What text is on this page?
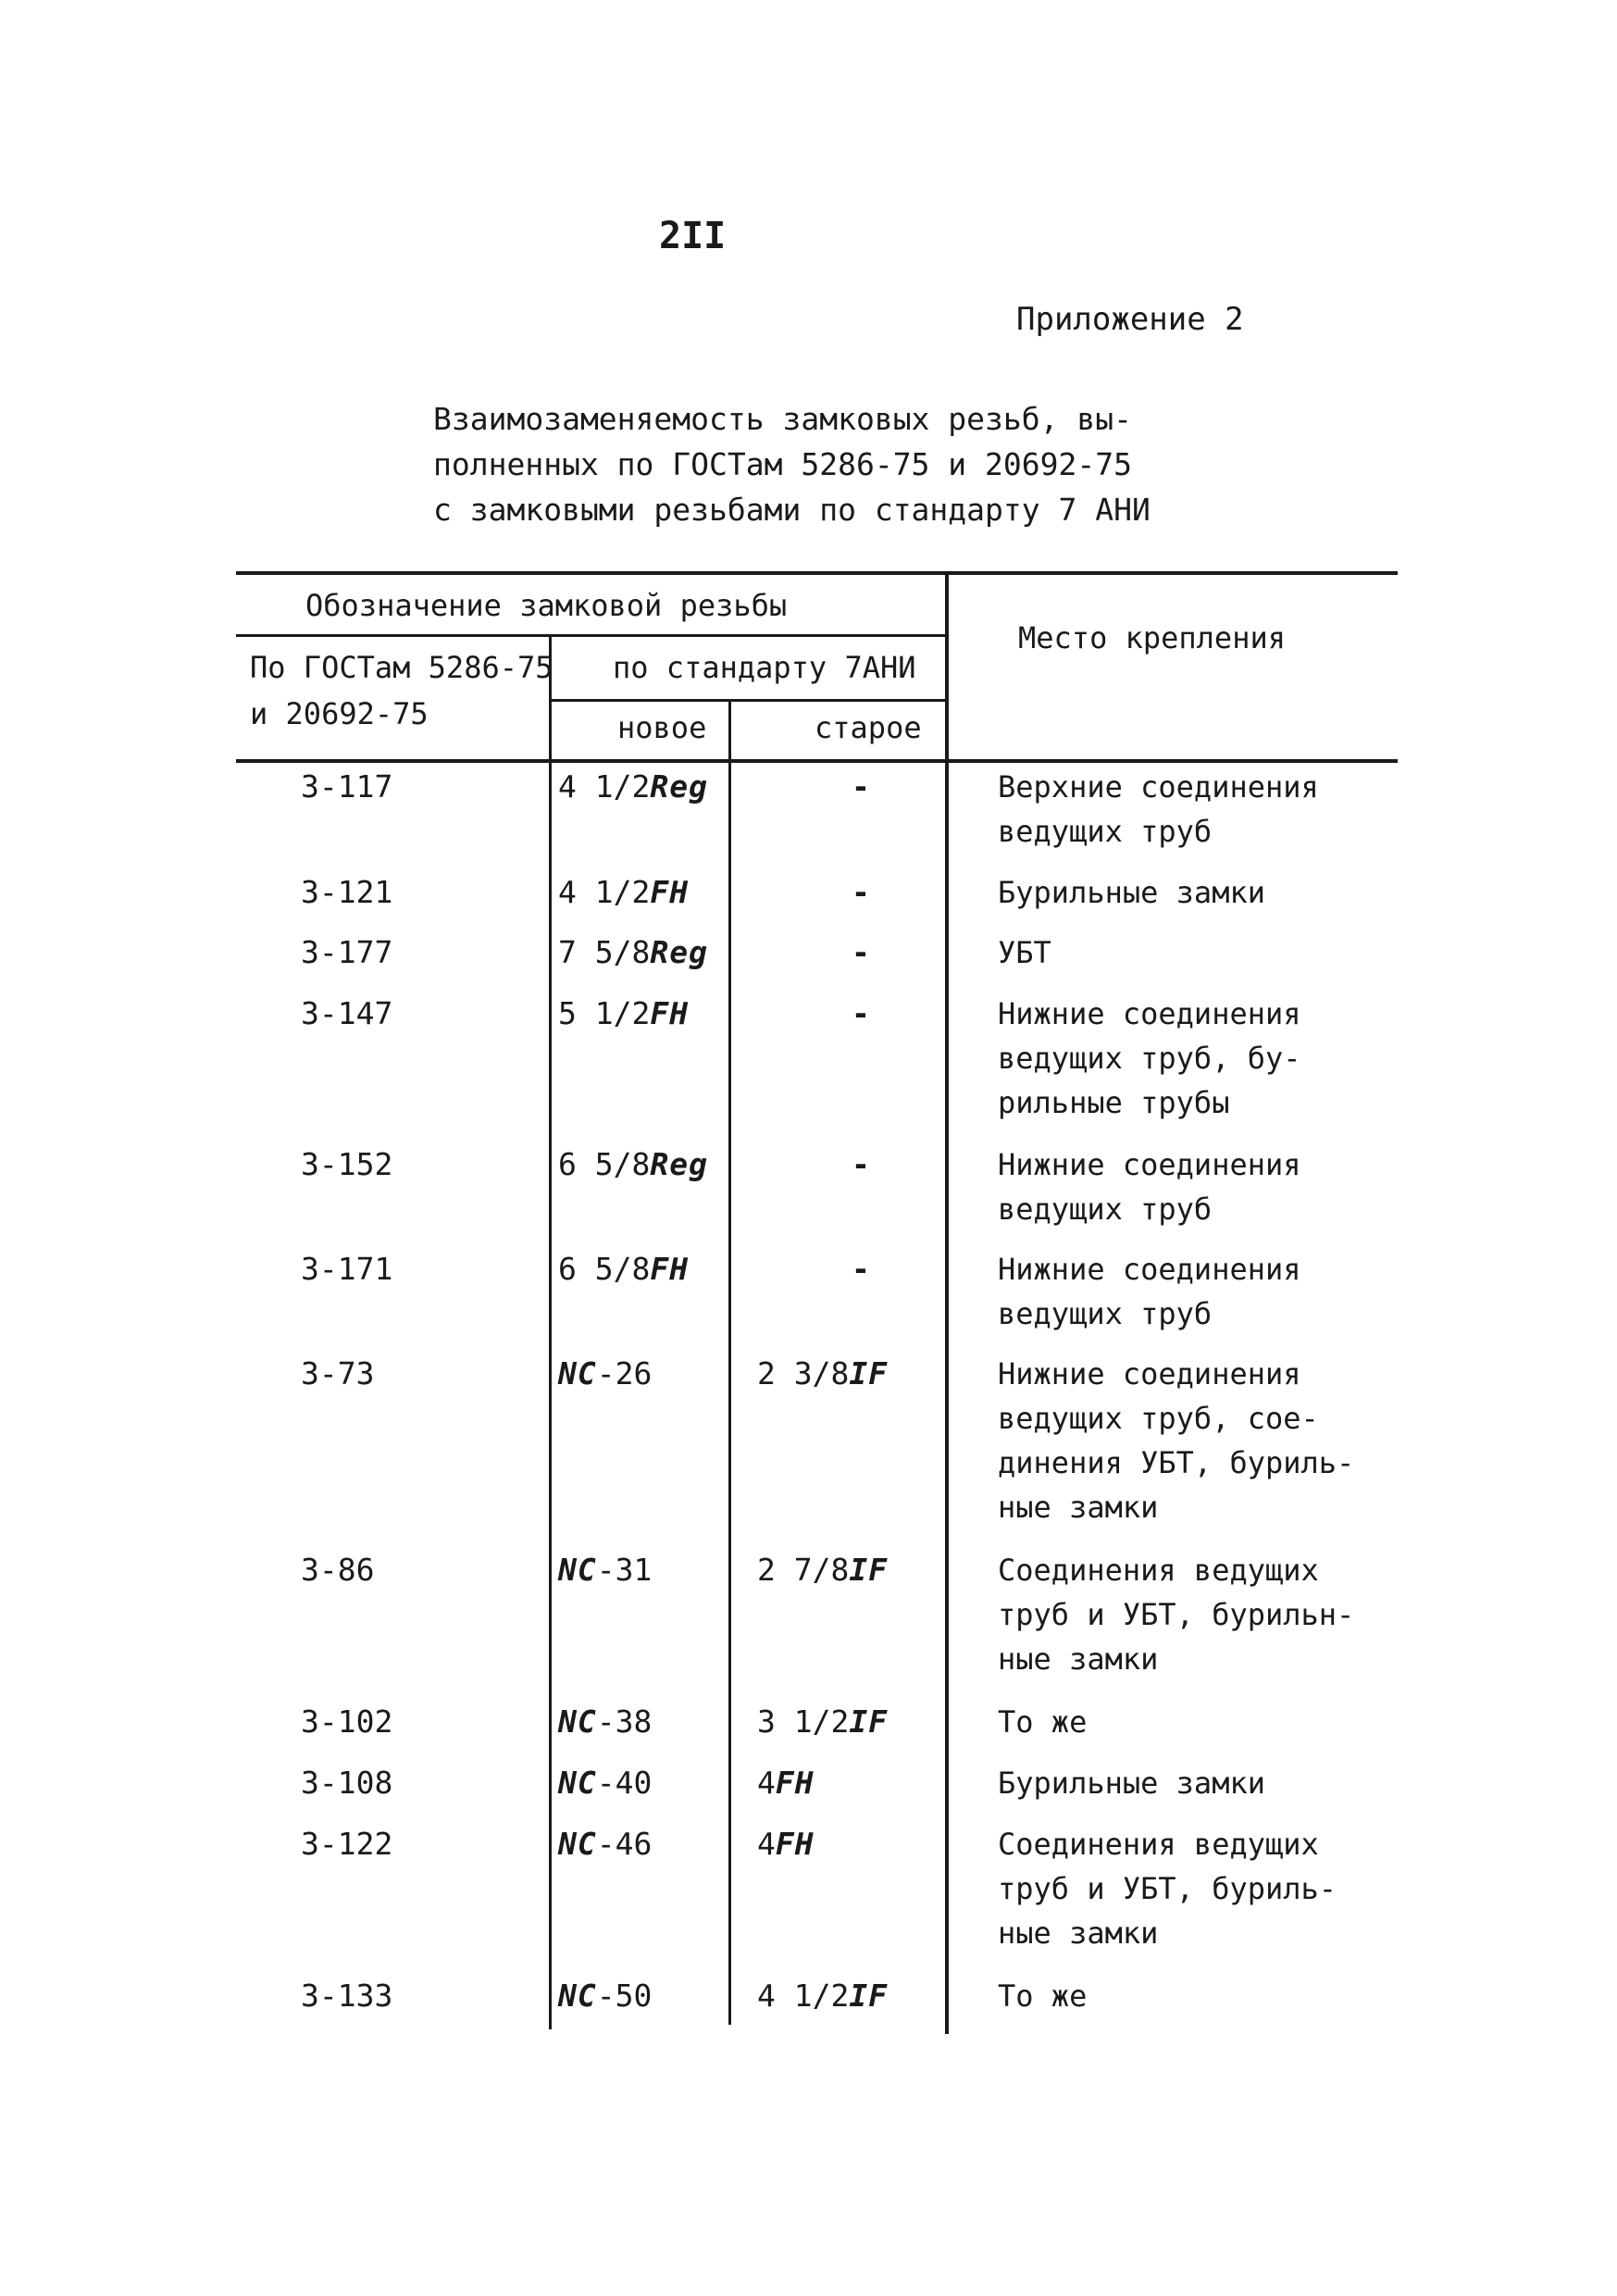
2II
Приложение 2
Взаимозаменяемость замковых резьб, вы-
полненных по ГОСТам 5286-75 и 20692-75
с замковыми резьбами по стандарту 7 АНИ
Обозначение замковой резьбы
По ГОСТам 5286-75
и 20692-75
по стандарту 7АНИ
новое	старое
Место крепления
З-117	4 1/2Reg	-	Верхние соединения
ведущих труб
З-121	4 1/2FH	-	Бурильные замки
З-177	7 5/8Reg	-	УБТ
З-147	5 1/2FH	-	Нижние соединения
ведущих труб, бу-
рильные трубы
З-152	6 5/8Reg	-	Нижние соединения
ведущих труб
З-171	6 5/8FH	-	Нижние соединения
ведущих труб
З-73	NC-26	2 3/8IF	Нижние соединения
ведущих труб, сое-
динения УБТ, буриль-
ные замки
З-86	NC-31	2 7/8IF	Соединения ведущих
труб и УБТ, бурильн-
ные замки
З-102	NC-38	3 1/2IF	То же
З-108	NC-40	4FH	Бурильные замки
З-122	NC-46	4FH	Соединения ведущих
труб и УБТ, буриль-
ные замки
З-133	NC-50	4 1/2IF	То же
